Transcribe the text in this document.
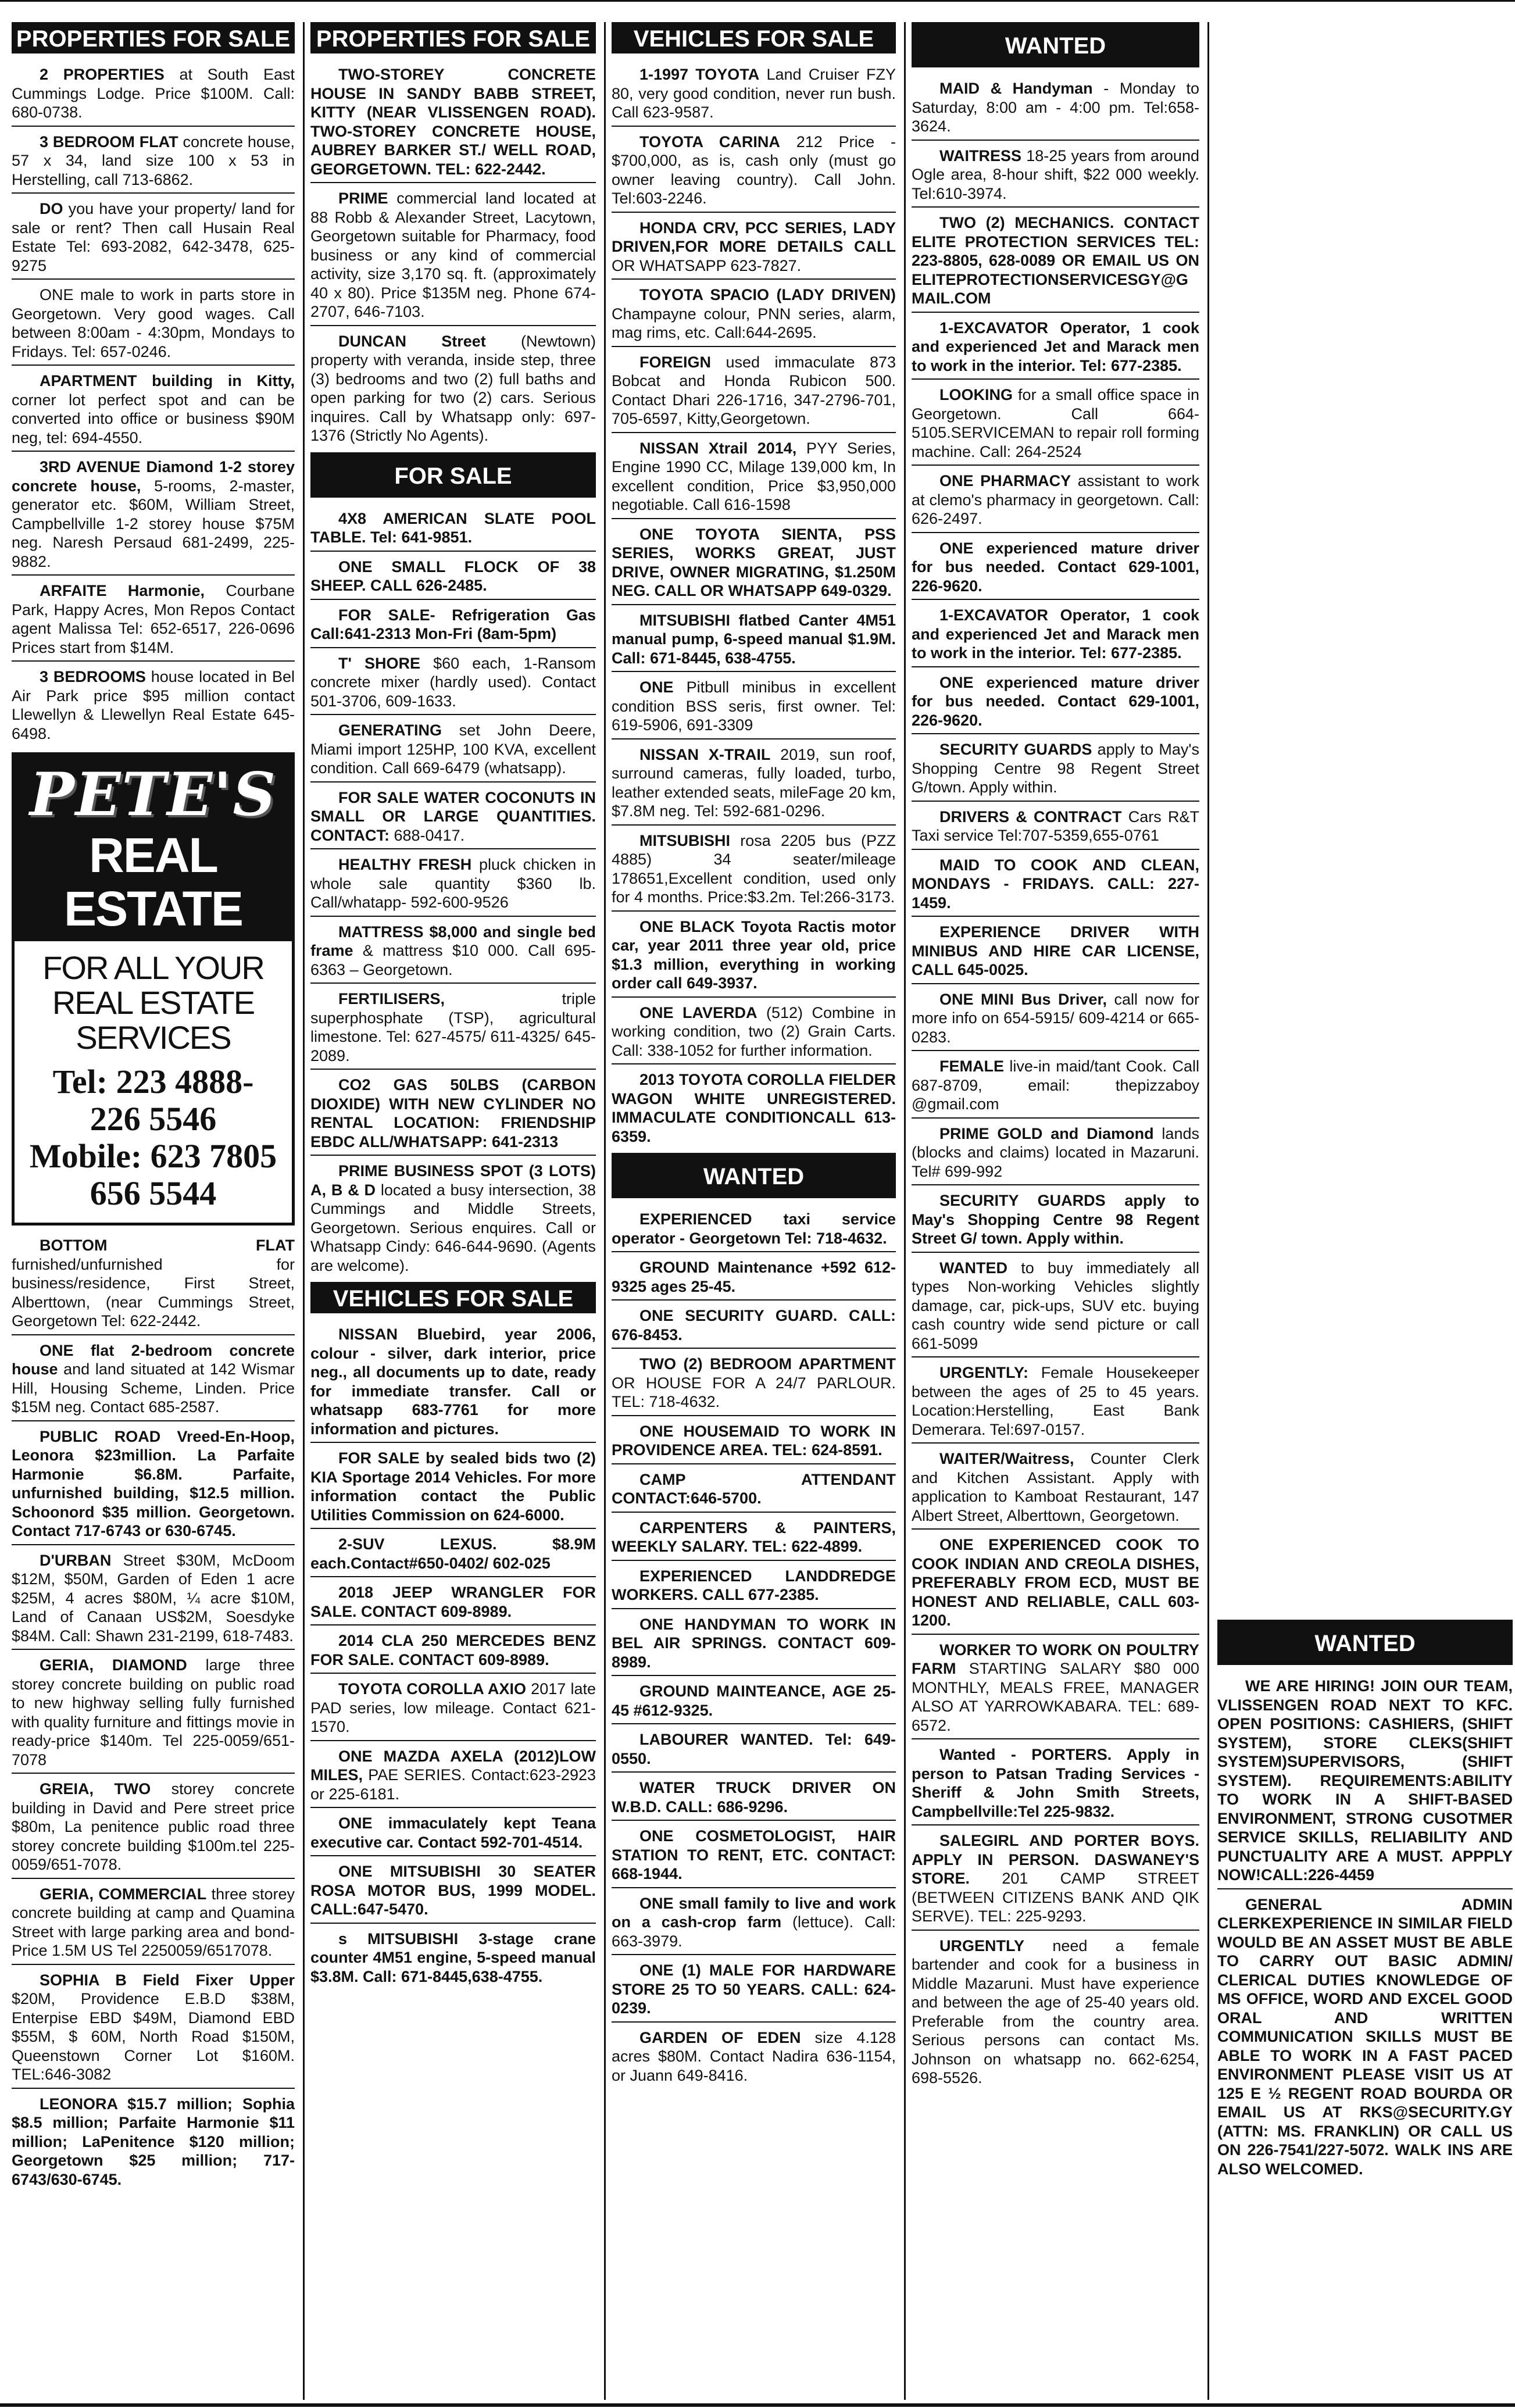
PROPERTIES FOR SALE
2 PROPERTIES at South East Cummings Lodge. Price $100M. Call: 680-0738.
3 BEDROOM FLAT concrete house, 57 x 34, land size 100 x 53 in Herstelling, call 713-6862.
DO you have your property/ land for sale or rent? Then call Husain Real Estate Tel: 693-2082, 642-3478, 625-9275
ONE male to work in parts store in Georgetown. Very good wages. Call between 8:00am - 4:30pm, Mondays to Fridays. Tel: 657-0246.
APARTMENT building in Kitty, corner lot perfect spot and can be converted into office or business $90M neg, tel: 694-4550.
3RD AVENUE Diamond 1-2 storey concrete house, 5-rooms, 2-master, generator etc. $60M, William Street, Campbellville 1-2 storey house $75M neg. Naresh Persaud 681-2499, 225-9882.
ARFAITE Harmonie, Courbane Park, Happy Acres, Mon Repos Contact agent Malissa Tel: 652-6517, 226-0696 Prices start from $14M.
3 BEDROOMS house located in Bel Air Park price $95 million contact Llewellyn & Llewellyn Real Estate 645-6498.
PETE'S
REAL ESTATE
FOR ALL YOUR REAL ESTATE SERVICES
Tel: 223 4888-
226 5546
Mobile: 623 7805
656 5544
BOTTOM FLAT furnished/unfurnished for business/residence, First Street, Alberttown, (near Cummings Street, Georgetown Tel: 622-2442.
ONE flat 2-bedroom concrete house and land situated at 142 Wismar Hill, Housing Scheme, Linden. Price $15M neg. Contact 685-2587.
PUBLIC ROAD Vreed-En-Hoop, Leonora $23million. La Parfaite Harmonie $6.8M. Parfaite, unfurnished building, $12.5 million. Schoonord $35 million. Georgetown. Contact 717-6743 or 630-6745.
D'URBAN Street $30M, McDoom $12M, $50M, Garden of Eden 1 acre $25M, 4 acres $80M, ¼ acre $10M, Land of Canaan US$2M, Soesdyke $84M. Call: Shawn 231-2199, 618-7483.
GERIA, DIAMOND large three storey concrete building on public road to new highway selling fully furnished with quality furniture and fittings movie in ready-price $140m. Tel 225-0059/651-7078
GREIA, TWO storey concrete building in David and Pere street price $80m, La penitence public road three storey concrete building $100m.tel 225-0059/651-7078.
GERIA, COMMERCIAL three storey concrete building at camp and Quamina Street with large parking area and bond- Price 1.5M US Tel 2250059/6517078.
SOPHIA B Field Fixer Upper $20M, Providence E.B.D $38M, Enterpise EBD $49M, Diamond EBD $55M, $ 60M, North Road $150M, Queenstown Corner Lot $160M. TEL:646-3082
LEONORA $15.7 million; Sophia $8.5 million; Parfaite Harmonie $11 million; LaPenitence $120 million; Georgetown $25 million; 717-6743/630-6745.
PROPERTIES FOR SALE
TWO-STOREY CONCRETE HOUSE IN SANDY BABB STREET, KITTY (NEAR VLISSENGEN ROAD). TWO-STOREY CONCRETE HOUSE, AUBREY BARKER ST./ WELL ROAD, GEORGETOWN. TEL: 622-2442.
PRIME commercial land located at 88 Robb & Alexander Street, Lacytown, Georgetown suitable for Pharmacy, food business or any kind of commercial activity, size 3,170 sq. ft. (approximately 40 x 80). Price $135M neg. Phone 674-2707, 646-7103.
DUNCAN Street (Newtown) property with veranda, inside step, three (3) bedrooms and two (2) full baths and open parking for two (2) cars. Serious inquires. Call by Whatsapp only: 697-1376 (Strictly No Agents).
FOR SALE
4X8 AMERICAN SLATE POOL TABLE. Tel: 641-9851.
ONE SMALL FLOCK OF 38 SHEEP. CALL 626-2485.
FOR SALE- Refrigeration Gas Call:641-2313 Mon-Fri (8am-5pm)
T' SHORE $60 each, 1-Ransom concrete mixer (hardly used). Contact 501-3706, 609-1633.
GENERATING set John Deere, Miami import 125HP, 100 KVA, excellent condition. Call 669-6479 (whatsapp).
FOR SALE WATER COCONUTS IN SMALL OR LARGE QUANTITIES. CONTACT: 688-0417.
HEALTHY FRESH pluck chicken in whole sale quantity $360 lb. Call/whatapp- 592-600-9526
MATTRESS $8,000 and single bed frame & mattress $10 000. Call 695-6363 – Georgetown.
FERTILISERS, triple superphosphate (TSP), agricultural limestone. Tel: 627-4575/ 611-4325/ 645-2089.
CO2 GAS 50LBS (CARBON DIOXIDE) WITH NEW CYLINDER NO RENTAL LOCATION: FRIENDSHIP EBDC ALL/WHATSAPP: 641-2313
PRIME BUSINESS SPOT (3 LOTS) A, B & D located a busy intersection, 38 Cummings and Middle Streets, Georgetown. Serious enquires. Call or Whatsapp Cindy: 646-644-9690. (Agents are welcome).
VEHICLES FOR SALE
NISSAN Bluebird, year 2006, colour - silver, dark interior, price neg., all documents up to date, ready for immediate transfer. Call or whatsapp 683-7761 for more information and pictures.
FOR SALE by sealed bids two (2) KIA Sportage 2014 Vehicles. For more information contact the Public Utilities Commission on 624-6000.
2-SUV LEXUS. $8.9M each.Contact#650-0402/ 602-025
2018 JEEP WRANGLER FOR SALE. CONTACT 609-8989.
2014 CLA 250 MERCEDES BENZ FOR SALE. CONTACT 609-8989.
TOYOTA COROLLA AXIO 2017 late PAD series, low mileage. Contact 621-1570.
ONE MAZDA AXELA (2012)LOW MILES, PAE SERIES. Contact:623-2923 or 225-6181.
ONE immaculately kept Teana executive car. Contact 592-701-4514.
ONE MITSUBISHI 30 SEATER ROSA MOTOR BUS, 1999 MODEL. CALL:647-5470.
s MITSUBISHI 3-stage crane counter 4M51 engine, 5-speed manual $3.8M. Call: 671-8445,638-4755.
VEHICLES FOR SALE
1-1997 TOYOTA Land Cruiser FZY 80, very good condition, never run bush. Call 623-9587.
TOYOTA CARINA 212 Price - $700,000, as is, cash only (must go owner leaving country). Call John. Tel:603-2246.
HONDA CRV, PCC SERIES, LADY DRIVEN,FOR MORE DETAILS CALL OR WHATSAPP 623-7827.
TOYOTA SPACIO (LADY DRIVEN) Champayne colour, PNN series, alarm, mag rims, etc. Call:644-2695.
FOREIGN used immaculate 873 Bobcat and Honda Rubicon 500. Contact Dhari 226-1716, 347-2796-701, 705-6597, Kitty,Georgetown.
NISSAN Xtrail 2014, PYY Series, Engine 1990 CC, Milage 139,000 km, In excellent condition, Price $3,950,000 negotiable. Call 616-1598
ONE TOYOTA SIENTA, PSS SERIES, WORKS GREAT, JUST DRIVE, OWNER MIGRATING, $1.250M NEG. CALL OR WHATSAPP 649-0329.
MITSUBISHI flatbed Canter 4M51 manual pump, 6-speed manual $1.9M. Call: 671-8445, 638-4755.
ONE Pitbull minibus in excellent condition BSS seris, first owner. Tel: 619-5906, 691-3309
NISSAN X-TRAIL 2019, sun roof, surround cameras, fully loaded, turbo, leather extended seats, mileFage 20 km, $7.8M neg. Tel: 592-681-0296.
MITSUBISHI rosa 2205 bus (PZZ 4885) 34 seater/mileage 178651,Excellent condition, used only for 4 months. Price:$3.2m. Tel:266-3173.
ONE BLACK Toyota Ractis motor car, year 2011 three year old, price $1.3 million, everything in working order call 649-3937.
ONE LAVERDA (512) Combine in working condition, two (2) Grain Carts. Call: 338-1052 for further information.
2013 TOYOTA COROLLA FIELDER WAGON WHITE UNREGISTERED. IMMACULATE CONDITIONCALL 613-6359.
WANTED
EXPERIENCED taxi service operator - Georgetown Tel: 718-4632.
GROUND Maintenance +592 612-9325 ages 25-45.
ONE SECURITY GUARD. CALL: 676-8453.
TWO (2) BEDROOM APARTMENT OR HOUSE FOR A 24/7 PARLOUR. TEL: 718-4632.
ONE HOUSEMAID TO WORK IN PROVIDENCE AREA. TEL: 624-8591.
CAMP ATTENDANT CONTACT:646-5700.
CARPENTERS & PAINTERS, WEEKLY SALARY. TEL: 622-4899.
EXPERIENCED LANDDREDGE WORKERS. CALL 677-2385.
ONE HANDYMAN TO WORK IN BEL AIR SPRINGS. CONTACT 609-8989.
GROUND MAINTEANCE, AGE 25-45 #612-9325.
LABOURER WANTED. Tel: 649-0550.
WATER TRUCK DRIVER ON W.B.D. CALL: 686-9296.
ONE COSMETOLOGIST, HAIR STATION TO RENT, ETC. CONTACT: 668-1944.
ONE small family to live and work on a cash-crop farm (lettuce). Call: 663-3979.
ONE (1) MALE FOR HARDWARE STORE 25 TO 50 YEARS. CALL: 624-0239.
GARDEN OF EDEN size 4.128 acres $80M. Contact Nadira 636-1154, or Juann 649-8416.
WANTED
MAID & Handyman - Monday to Saturday, 8:00 am - 4:00 pm. Tel:658-3624.
WAITRESS 18-25 years from around Ogle area, 8-hour shift, $22 000 weekly. Tel:610-3974.
TWO (2) MECHANICS. CONTACT ELITE PROTECTION SERVICES TEL: 223-8805, 628-0089 OR EMAIL US ON ELITEPROTECTIONSERVICESGY@GMAIL.COM
1-EXCAVATOR Operator, 1 cook and experienced Jet and Marack men to work in the interior. Tel: 677-2385.
LOOKING for a small office space in Georgetown. Call 664-5105.SERVICEMAN to repair roll forming machine. Call: 264-2524
ONE PHARMACY assistant to work at clemo's pharmacy in georgetown. Call: 626-2497.
ONE experienced mature driver for bus needed. Contact 629-1001, 226-9620.
1-EXCAVATOR Operator, 1 cook and experienced Jet and Marack men to work in the interior. Tel: 677-2385.
ONE experienced mature driver for bus needed. Contact 629-1001, 226-9620.
SECURITY GUARDS apply to May's Shopping Centre 98 Regent Street G/town. Apply within.
DRIVERS & CONTRACT Cars R&T Taxi service Tel:707-5359,655-0761
MAID TO COOK AND CLEAN, MONDAYS - FRIDAYS. CALL: 227-1459.
EXPERIENCE DRIVER WITH MINIBUS AND HIRE CAR LICENSE, CALL 645-0025.
ONE MINI Bus Driver, call now for more info on 654-5915/ 609-4214 or 665-0283.
FEMALE live-in maid/tant Cook. Call 687-8709, email: thepizzaboy @gmail.com
PRIME GOLD and Diamond lands (blocks and claims) located in Mazaruni. Tel# 699-992
SECURITY GUARDS apply to May's Shopping Centre 98 Regent Street G/ town. Apply within.
WANTED to buy immediately all types Non-working Vehicles slightly damage, car, pick-ups, SUV etc. buying cash country wide send picture or call 661-5099
URGENTLY: Female Housekeeper between the ages of 25 to 45 years. Location:Herstelling, East Bank Demerara. Tel:697-0157.
WAITER/Waitress, Counter Clerk and Kitchen Assistant. Apply with application to Kamboat Restaurant, 147 Albert Street, Alberttown, Georgetown.
ONE EXPERIENCED COOK TO COOK INDIAN AND CREOLA DISHES, PREFERABLY FROM ECD, MUST BE HONEST AND RELIABLE, CALL 603-1200.
WORKER TO WORK ON POULTRY FARM STARTING SALARY $80 000 MONTHLY, MEALS FREE, MANAGER ALSO AT YARROWKABARA. TEL: 689-6572.
Wanted - PORTERS. Apply in person to Patsan Trading Services - Sheriff & John Smith Streets, Campbellville:Tel 225-9832.
SALEGIRL AND PORTER BOYS. APPLY IN PERSON. DASWANEY'S STORE. 201 CAMP STREET (BETWEEN CITIZENS BANK AND QIK SERVE). TEL: 225-9293.
URGENTLY need a female bartender and cook for a business in Middle Mazaruni. Must have experience and between the age of 25-40 years old. Preferable from the country area. Serious persons can contact Ms. Johnson on whatsapp no. 662-6254, 698-5526.
WANTED
WE ARE HIRING! JOIN OUR TEAM, VLISSENGEN ROAD NEXT TO KFC. OPEN POSITIONS: CASHIERS, (SHIFT SYSTEM), STORE CLEKS(SHIFT SYSTEM)SUPERVISORS, (SHIFT SYSTEM). REQUIREMENTS:ABILITY TO WORK IN A SHIFT-BASED ENVIRONMENT, STRONG CUSOTMER SERVICE SKILLS, RELIABILITY AND PUNCTUALITY ARE A MUST. APPPLY NOW!CALL:226-4459
GENERAL ADMIN CLERKEXPERIENCE IN SIMILAR FIELD WOULD BE AN ASSET MUST BE ABLE TO CARRY OUT BASIC ADMIN/ CLERICAL DUTIES KNOWLEDGE OF MS OFFICE, WORD AND EXCEL GOOD ORAL AND WRITTEN COMMUNICATION SKILLS MUST BE ABLE TO WORK IN A FAST PACED ENVIRONMENT PLEASE VISIT US AT 125 E ½ REGENT ROAD BOURDA OR EMAIL US AT RKS@SECURITY.GY (ATTN: MS. FRANKLIN) OR CALL US ON 226-7541/227-5072. WALK INS ARE ALSO WELCOMED.
